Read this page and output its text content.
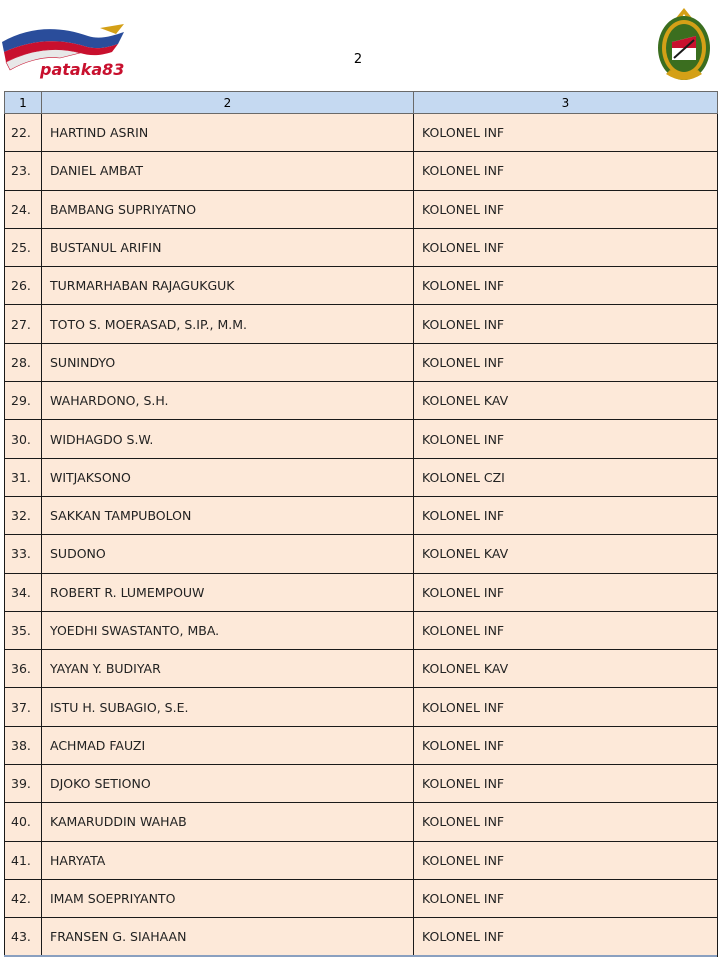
pataka83
2
1	2	3
22.	HARTIND ASRIN	KOLONEL INF
23.	DANIEL AMBAT	KOLONEL INF
24.	BAMBANG SUPRIYATNO	KOLONEL INF
25.	BUSTANUL ARIFIN	KOLONEL INF
26.	TURMARHABAN RAJAGUKGUK	KOLONEL INF
27.	TOTO S. MOERASAD, S.IP., M.M.	KOLONEL INF
28.	SUNINDYO	KOLONEL INF
29.	WAHARDONO, S.H.	KOLONEL KAV
30.	WIDHAGDO S.W.	KOLONEL INF
31.	WITJAKSONO	KOLONEL CZI
32.	SAKKAN TAMPUBOLON	KOLONEL INF
33.	SUDONO	KOLONEL KAV
34.	ROBERT R. LUMEMPOUW	KOLONEL INF
35.	YOEDHI SWASTANTO, MBA.	KOLONEL INF
36.	YAYAN Y. BUDIYAR	KOLONEL KAV
37.	ISTU H. SUBAGIO, S.E.	KOLONEL INF
38.	ACHMAD FAUZI	KOLONEL INF
39.	DJOKO SETIONO	KOLONEL INF
40.	KAMARUDDIN WAHAB	KOLONEL INF
41.	HARYATA	KOLONEL INF
42.	IMAM SOEPRIYANTO	KOLONEL INF
43.	FRANSEN G. SIAHAAN	KOLONEL INF
